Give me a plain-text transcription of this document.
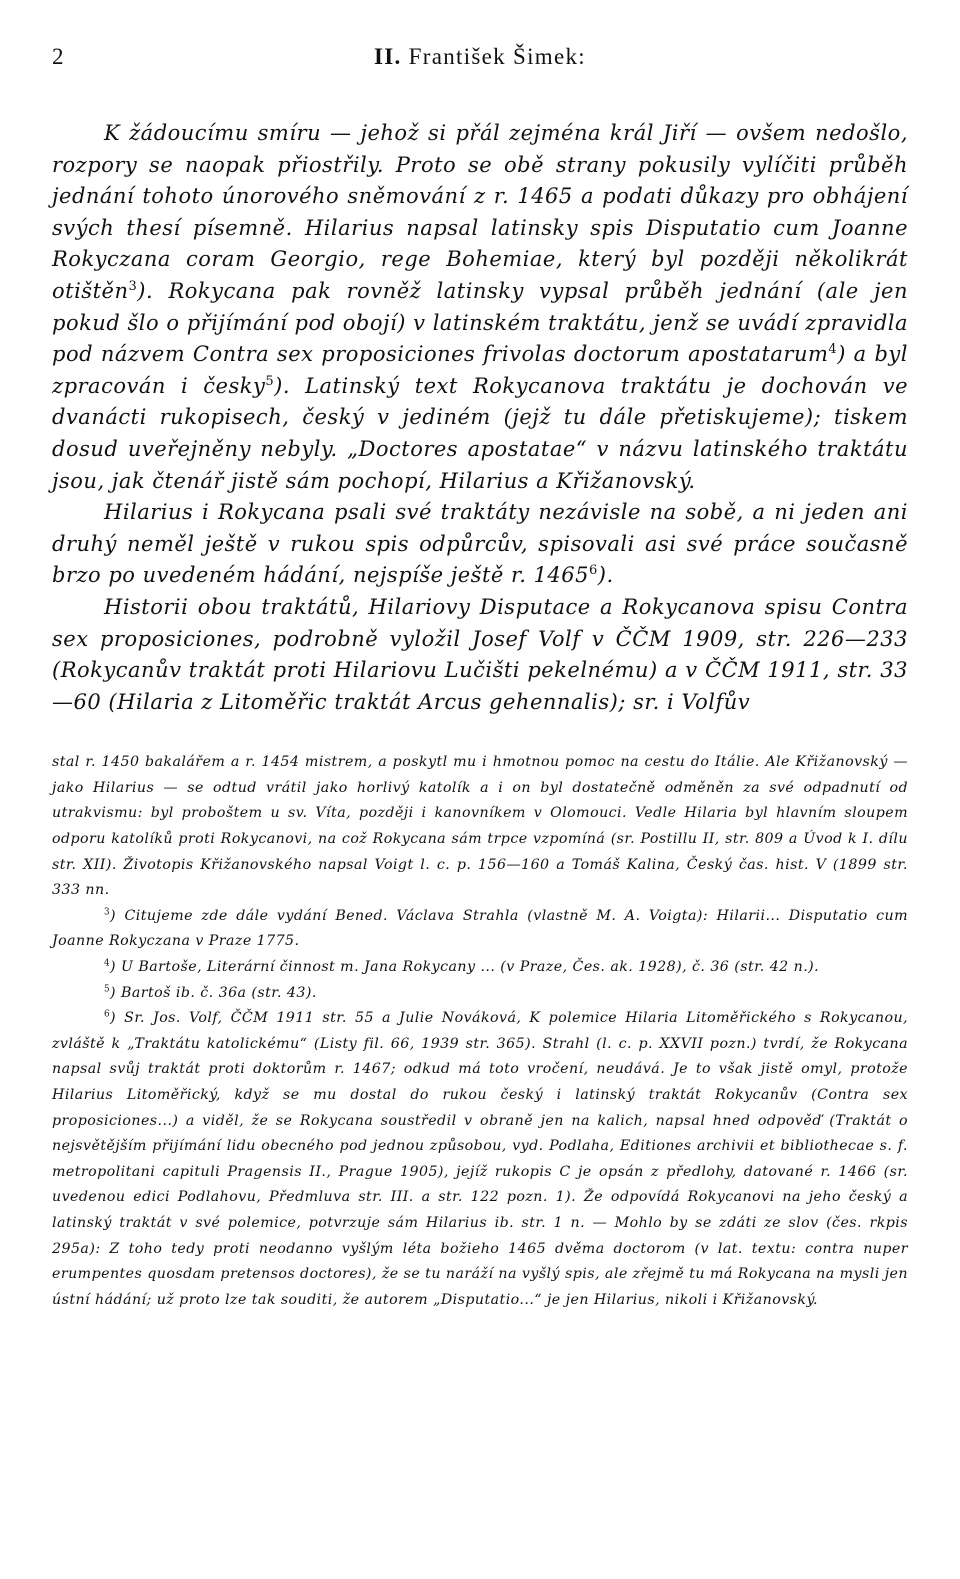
2	II. František Šimek:

K žádoucímu smíru — jehož si přál zejména král Jiří — ovšem nedošlo, rozpory se naopak přiostřily. Proto se obě strany pokusily vylíčiti průběh jednání tohoto únorového sněmování z r. 1465 a podati důkazy pro obhájení svých thesí písemně. Hilarius napsal latinsky spis Disputatio cum Joanne Rokyczana coram Georgio, rege Bohemiae, který byl později několikrát otištěn$^3$). Rokycana pak rovněž latinsky vypsal průběh jednání (ale jen pokud šlo o přijímání pod obojí) v latinském traktátu, jenž se uvádí zpravidla pod názvem Contra sex proposiciones frivolas doctorum apostatarum$^4$) a byl zpracován i česky$^5$). Latinský text Rokycanova traktátu je dochován ve dvanácti rukopisech, český v jediném (jejž tu dále přetiskujeme); tiskem dosud uveřejněny nebyly. „Doctores apostatae“ v názvu latinského traktátu jsou, jak čtenář jistě sám pochopí, Hilarius a Křižanovský.

Hilarius i Rokycana psali své traktáty nezávisle na sobě, a ni jeden ani druhý neměl ještě v rukou spis odpůrcův, spisovali asi své práce současně brzo po uvedeném hádání, nejspíše ještě r. 1465$^6$).

Historii obou traktátů, Hilariovy Disputace a Rokycanova spisu Contra sex proposiciones, podrobně vyložil Josef Volf v ČČM 1909, str. 226—233 (Rokycanův traktát proti Hilariovu Lučišti pekelnému) a v ČČM 1911, str. 33—60 (Hilaria z Litoměřic traktát Arcus gehennalis); sr. i Volfův

stal r. 1450 bakalářem a r. 1454 mistrem, a poskytl mu i hmotnou pomoc na cestu do Itálie. Ale Křižanovský — jako Hilarius — se odtud vrátil jako horlivý katolík a i on byl dostatečně odměněn za své odpadnutí od utrakvismu: byl proboštem u sv. Víta, později i kanovníkem v Olomouci. Vedle Hilaria byl hlavním sloupem odporu katolíků proti Rokycanovi, na což Rokycana sám trpce vzpomíná (sr. Postillu II, str. 809 a Úvod k I. dílu str. XII). Životopis Křižanovského napsal Voigt l. c. p. 156—160 a Tomáš Kalina, Český čas. hist. V (1899 str. 333 nn.

$^3$) Citujeme zde dále vydání Bened. Václava Strahla (vlastně M. A. Voigta): Hilarii... Disputatio cum Joanne Rokyczana v Praze 1775.

$^4$) U Bartoše, Literární činnost m. Jana Rokycany ... (v Praze, Čes. ak. 1928), č. 36 (str. 42 n.).

$^5$) Bartoš ib. č. 36a (str. 43).

$^6$) Sr. Jos. Volf, ČČM 1911 str. 55 a Julie Nováková, K polemice Hilaria Litoměřického s Rokycanou, zvláště k „Traktátu katolickému“ (Listy fil. 66, 1939 str. 365). Strahl (l. c. p. XXVII pozn.) tvrdí, že Rokycana napsal svůj traktát proti doktorům r. 1467; odkud má toto vročení, neudává. Je to však jistě omyl, protože Hilarius Litoměřický, když se mu dostal do rukou český i latinský traktát Rokycanův (Contra sex proposiciones...) a viděl, že se Rokycana soustředil v obraně jen na kalich, napsal hned odpověď (Traktát o nejsvětějším přijímání lidu obecného pod jednou způsobou, vyd. Podlaha, Editiones archivii et bibliothecae s. f. metropolitani capituli Pragensis II., Prague 1905), jejíž rukopis C je opsán z předlohy, datované r. 1466 (sr. uvedenou edici Podlahovu, Předmluva str. III. a str. 122 pozn. 1). Že odpovídá Rokycanovi na jeho český a latinský traktát v své polemice, potvrzuje sám Hilarius ib. str. 1 n. — Mohlo by se zdáti ze slov (čes. rkpis 295a): Z toho tedy proti neodanno vyšlým léta božieho 1465 dvěma doctorom (v lat. textu: contra nuper erumpentes quosdam pretensos doctores), že se tu naráží na vyšlý spis, ale zřejmě tu má Rokycana na mysli jen ústní hádání; už proto lze tak souditi, že autorem „Disputatio...“ je jen Hilarius, nikoli i Křižanovský.
